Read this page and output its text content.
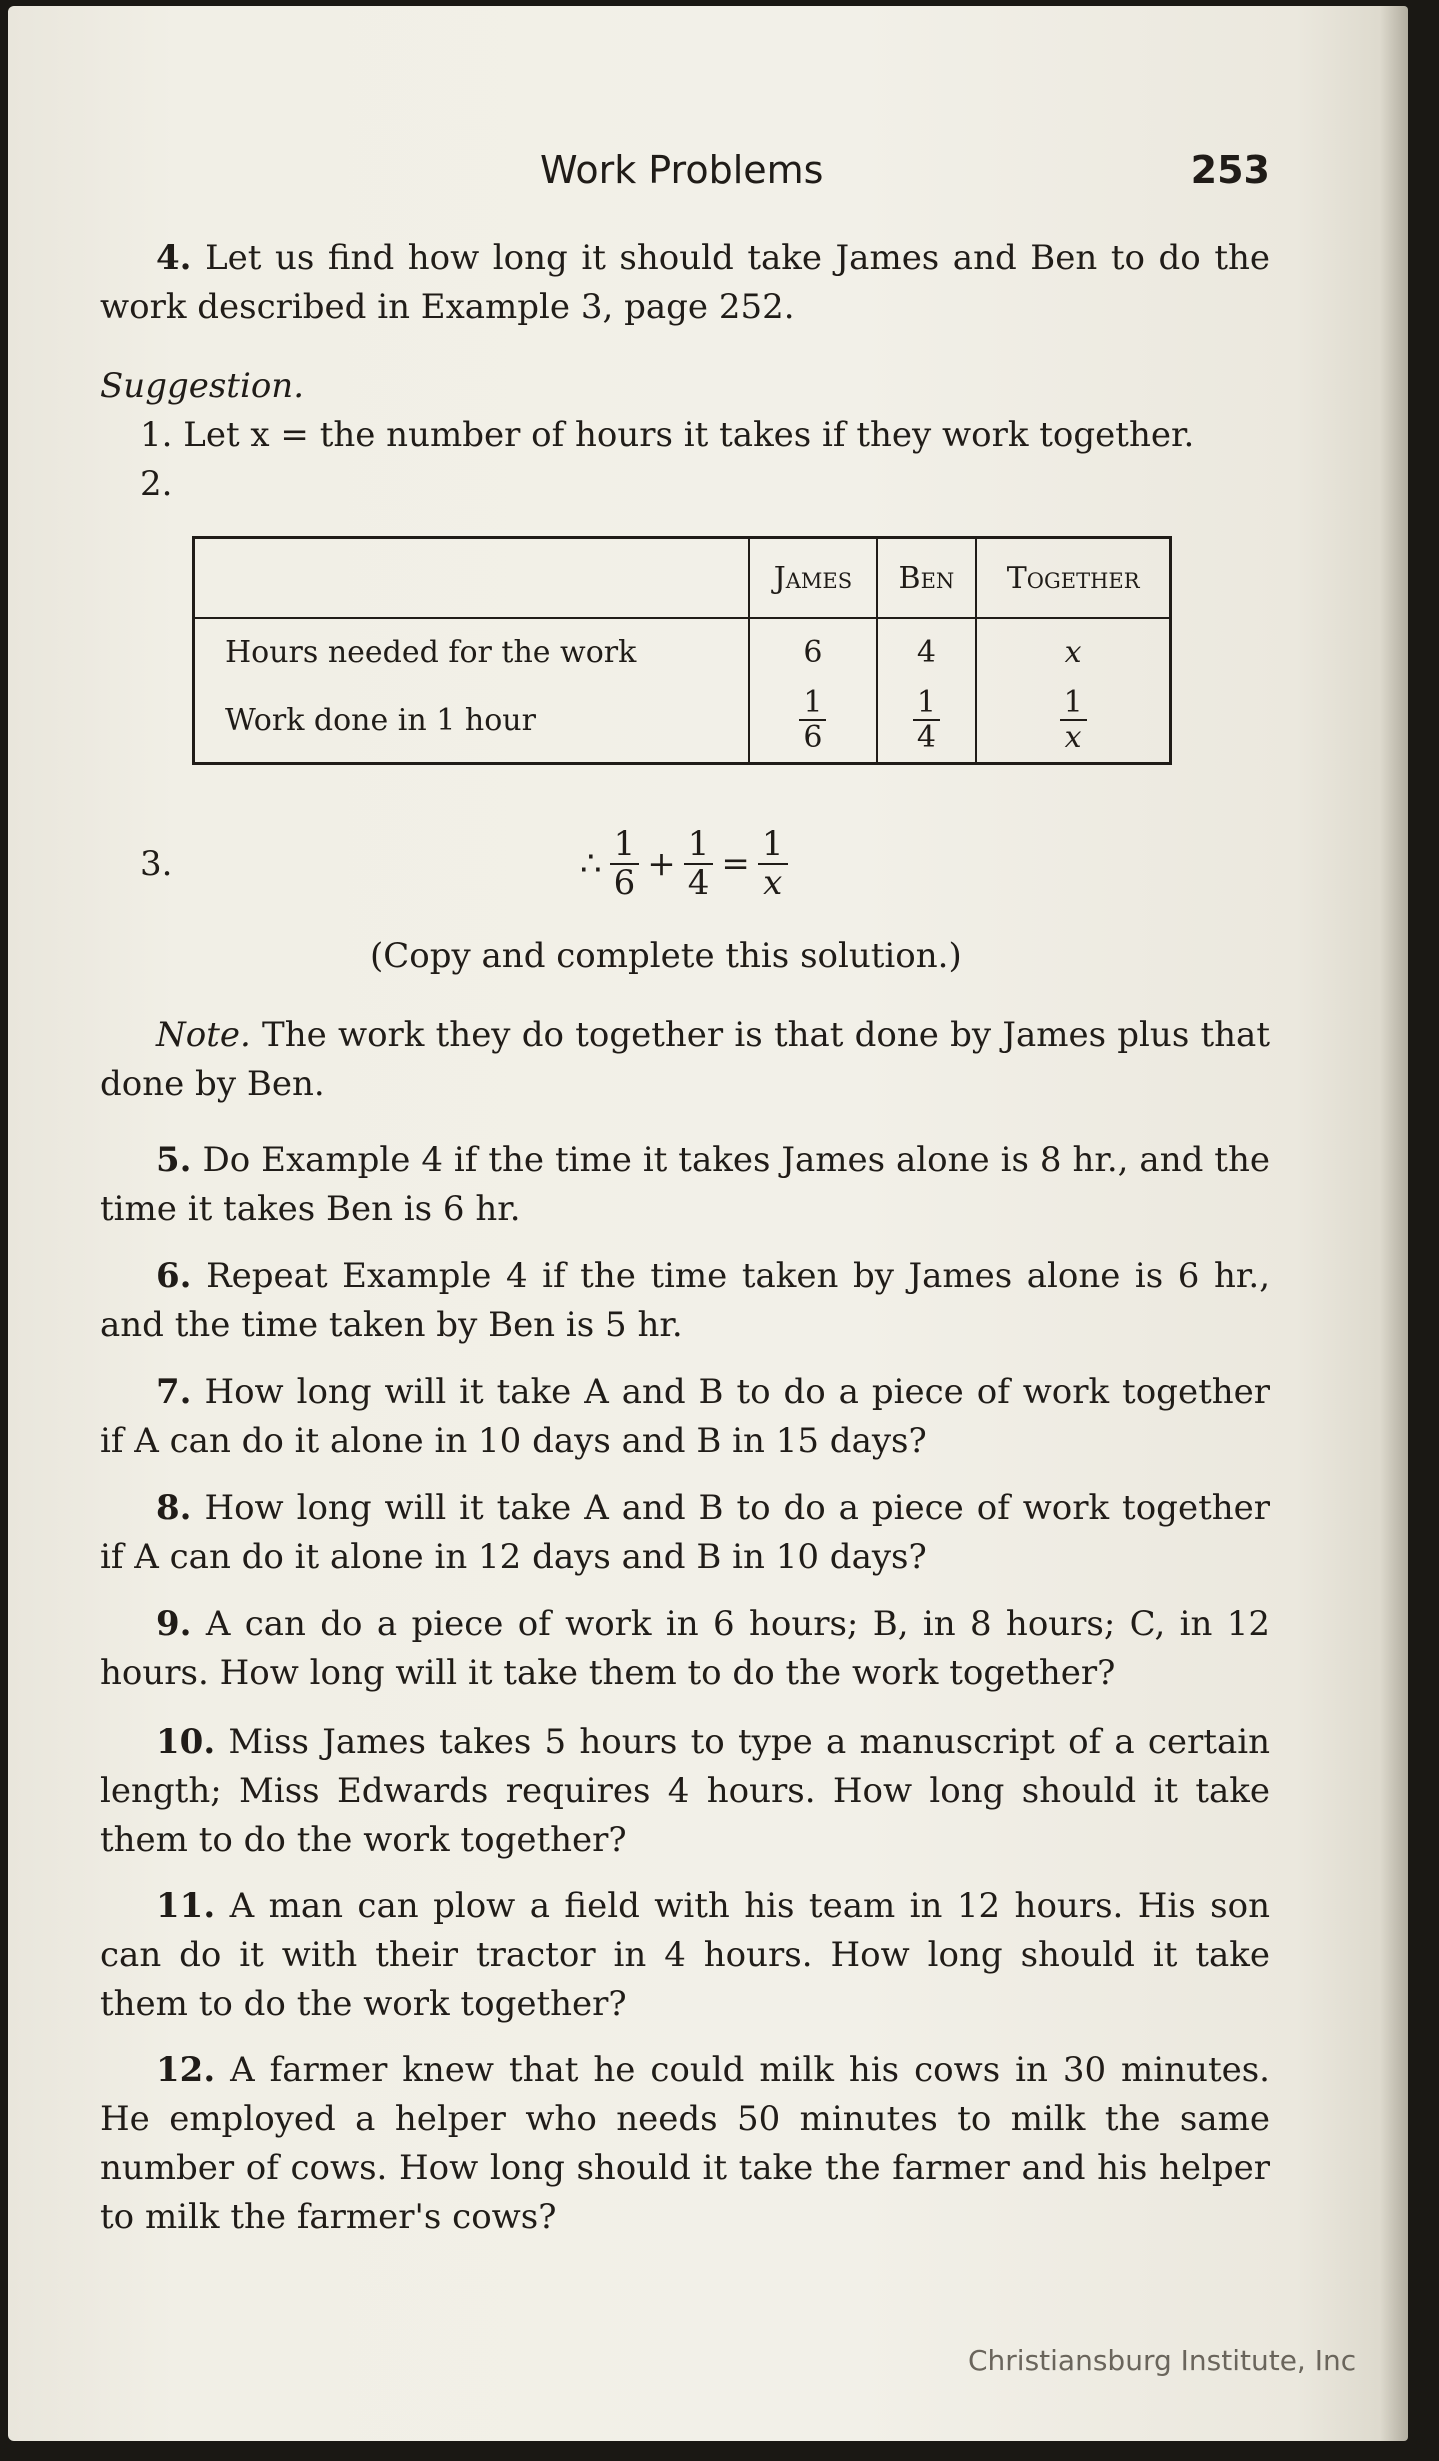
Work Problems	253
4. Let us find how long it should take James and Ben to do the work described in Example 3, page 252.
Suggestion.
1. Let x = the number of hours it takes if they work together.
2.
	James	Ben	Together
Hours needed for the work	6	4	x
Work done in 1 hour	$\frac{1}{6}$	$\frac{1}{4}$	$\frac{1}{x}$
3.	∴ $\frac{1}{6} + \frac{1}{4} = \frac{1}{x}$
(Copy and complete this solution.)
Note. The work they do together is that done by James plus that done by Ben.
5. Do Example 4 if the time it takes James alone is 8 hr., and the time it takes Ben is 6 hr.
6. Repeat Example 4 if the time taken by James alone is 6 hr., and the time taken by Ben is 5 hr.
7. How long will it take A and B to do a piece of work together if A can do it alone in 10 days and B in 15 days?
8. How long will it take A and B to do a piece of work together if A can do it alone in 12 days and B in 10 days?
9. A can do a piece of work in 6 hours; B, in 8 hours; C, in 12 hours. How long will it take them to do the work together?
10. Miss James takes 5 hours to type a manuscript of a certain length; Miss Edwards requires 4 hours. How long should it take them to do the work together?
11. A man can plow a field with his team in 12 hours. His son can do it with their tractor in 4 hours. How long should it take them to do the work together?
12. A farmer knew that he could milk his cows in 30 minutes. He employed a helper who needs 50 minutes to milk the same number of cows. How long should it take the farmer and his helper to milk the farmer's cows?
Christiansburg Institute, Inc
